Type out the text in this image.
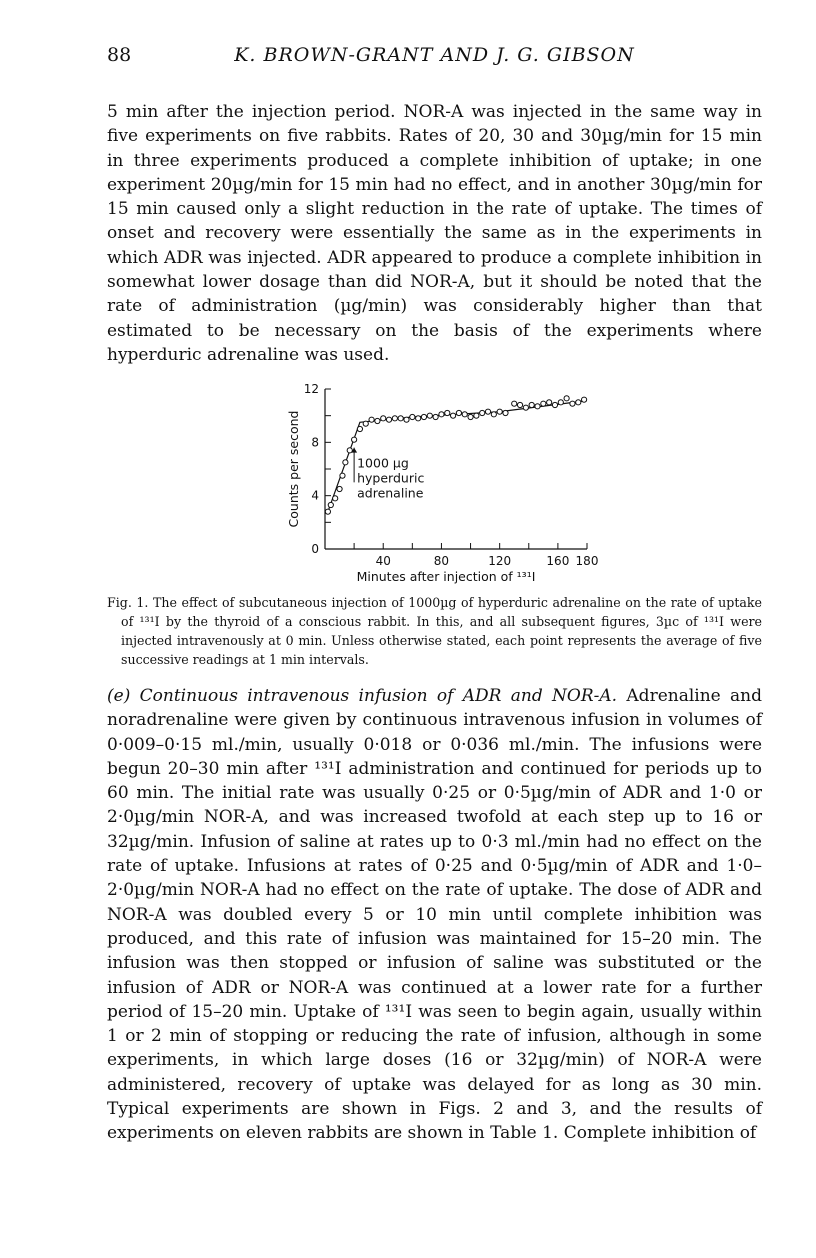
88	K. BROWN-GRANT AND J. G. GIBSON

5 min after the injection period. NOR-A was injected in the same way in five experiments on five rabbits. Rates of 20, 30 and 30µg/min for 15 min in three experiments produced a complete inhibition of uptake; in one experiment 20µg/min for 15 min had no effect, and in another 30µg/min for 15 min caused only a slight reduction in the rate of uptake. The times of onset and recovery were essentially the same as in the experiments in which ADR was injected. ADR appeared to produce a complete inhibition in somewhat lower dosage than did NOR-A, but it should be noted that the rate of administration (µg/min) was considerably higher than that estimated to be necessary on the basis of the experiments where hyperduric adrenaline was used.

4
8
12
0
40	80	120	160 180
Minutes after injection of ¹³¹I
Counts per second	1000 µg
hyperduric
adrenaline

Fig. 1. The effect of subcutaneous injection of 1000µg of hyperduric adrenaline on the rate of uptake of ¹³¹I by the thyroid of a conscious rabbit. In this, and all subsequent figures, 3µc of ¹³¹I were injected intravenously at 0 min. Unless otherwise stated, each point represents the average of five successive readings at 1 min intervals.

(e) Continuous intravenous infusion of ADR and NOR-A. Adrenaline and noradrenaline were given by continuous intravenous infusion in volumes of 0·009–0·15 ml./min, usually 0·018 or 0·036 ml./min. The infusions were begun 20–30 min after ¹³¹I administration and continued for periods up to 60 min. The initial rate was usually 0·25 or 0·5µg/min of ADR and 1·0 or 2·0µg/min NOR-A, and was increased twofold at each step up to 16 or 32µg/min. Infusion of saline at rates up to 0·3 ml./min had no effect on the rate of uptake. Infusions at rates of 0·25 and 0·5µg/min of ADR and 1·0–2·0µg/min NOR-A had no effect on the rate of uptake. The dose of ADR and NOR-A was doubled every 5 or 10 min until complete inhibition was produced, and this rate of infusion was maintained for 15–20 min. The infusion was then stopped or infusion of saline was substituted or the infusion of ADR or NOR-A was continued at a lower rate for a further period of 15–20 min. Uptake of ¹³¹I was seen to begin again, usually within 1 or 2 min of stopping or reducing the rate of infusion, although in some experiments, in which large doses (16 or 32µg/min) of NOR-A were administered, recovery of uptake was delayed for as long as 30 min. Typical experiments are shown in Figs. 2 and 3, and the results of experiments on eleven rabbits are shown in Table 1. Complete inhibition of
